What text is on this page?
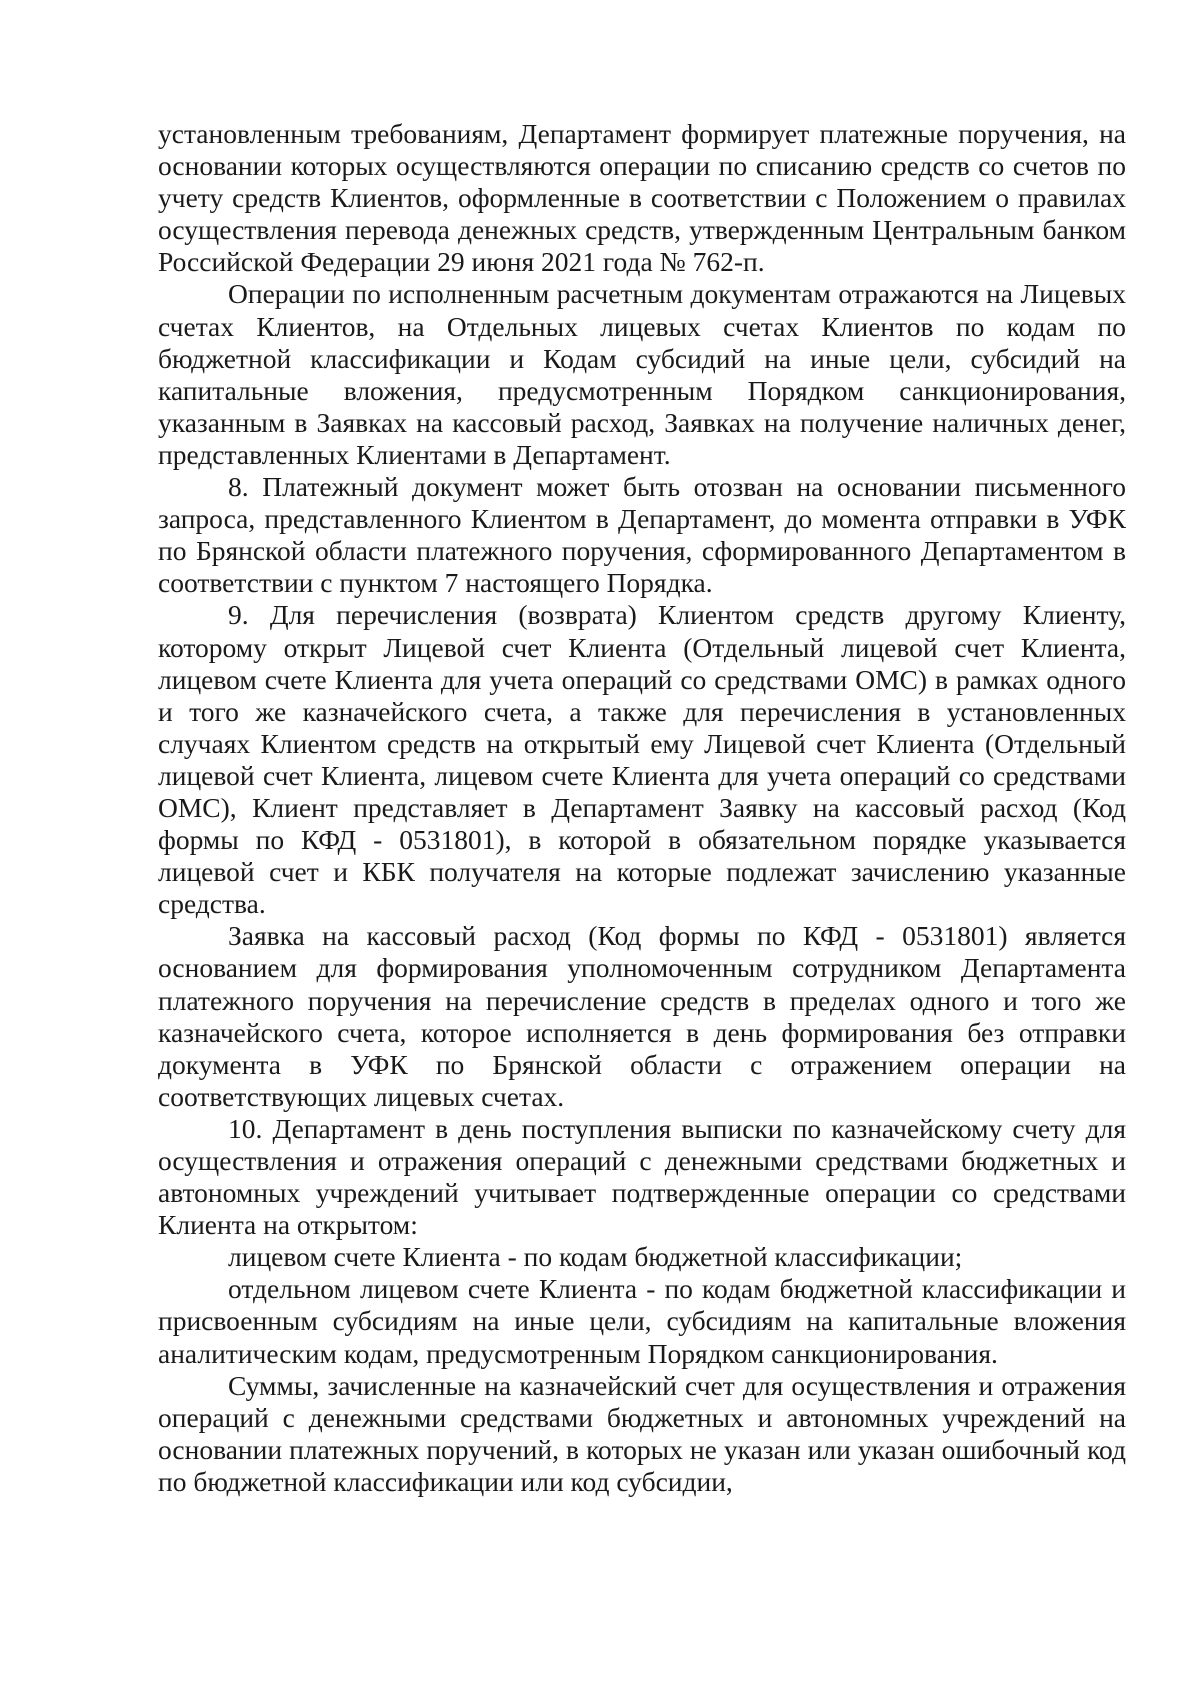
установленным требованиям, Департамент формирует платежные поручения, на основании которых осуществляются операции по списанию средств со счетов по учету средств Клиентов, оформленные в соответствии с Положением о правилах осуществления перевода денежных средств, утвержденным Центральным банком Российской Федерации 29 июня 2021 года № 762-п.

Операции по исполненным расчетным документам отражаются на Лицевых счетах Клиентов, на Отдельных лицевых счетах Клиентов по кодам по бюджетной классификации и Кодам субсидий на иные цели, субсидий на капитальные вложения, предусмотренным Порядком санкционирования, указанным в Заявках на кассовый расход, Заявках на получение наличных денег, представленных Клиентами в Департамент.

8. Платежный документ может быть отозван на основании письменного запроса, представленного Клиентом в Департамент, до момента отправки в УФК по Брянской области платежного поручения, сформированного Департаментом в соответствии с пунктом 7 настоящего Порядка.

9. Для перечисления (возврата) Клиентом средств другому Клиенту, которому открыт Лицевой счет Клиента (Отдельный лицевой счет Клиента, лицевом счете Клиента для учета операций со средствами ОМС) в рамках одного и того же казначейского счета, а также для перечисления в установленных случаях Клиентом средств на открытый ему Лицевой счет Клиента (Отдельный лицевой счет Клиента, лицевом счете Клиента для учета операций со средствами ОМС), Клиент представляет в Департамент Заявку на кассовый расход (Код формы по КФД - 0531801), в которой в обязательном порядке указывается лицевой счет и КБК получателя на которые подлежат зачислению указанные средства.

Заявка на кассовый расход (Код формы по КФД - 0531801) является основанием для формирования уполномоченным сотрудником Департамента платежного поручения на перечисление средств в пределах одного и того же казначейского счета, которое исполняется в день формирования без отправки документа в УФК по Брянской области с отражением операции на соответствующих лицевых счетах.

10. Департамент в день поступления выписки по казначейскому счету для осуществления и отражения операций с денежными средствами бюджетных и автономных учреждений учитывает подтвержденные операции со средствами Клиента на открытом:

лицевом счете Клиента - по кодам бюджетной классификации;

отдельном лицевом счете Клиента - по кодам бюджетной классификации и присвоенным субсидиям на иные цели, субсидиям на капитальные вложения аналитическим кодам, предусмотренным Порядком санкционирования.

Суммы, зачисленные на казначейский счет для осуществления и отражения операций с денежными средствами бюджетных и автономных учреждений на основании платежных поручений, в которых не указан или указан ошибочный код по бюджетной классификации или код субсидии,
